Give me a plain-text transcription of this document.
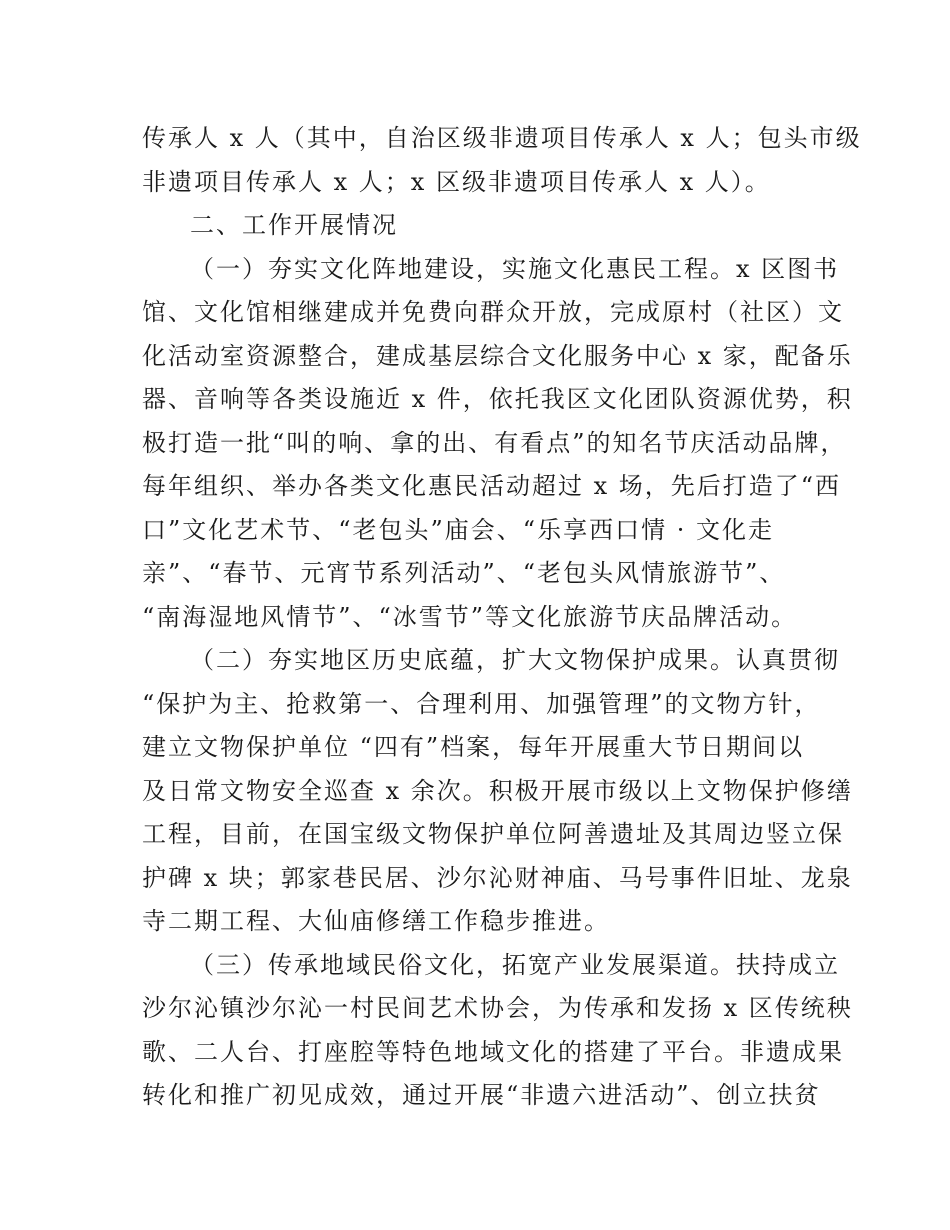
传承人 x 人（其中，自治区级非遗项目传承人 x 人；包头市级
非遗项目传承人 x 人；x 区级非遗项目传承人 x 人）。
二、工作开展情况
（一）夯实文化阵地建设，实施文化惠民工程。x 区图书
馆、文化馆相继建成并免费向群众开放，完成原村（社区）文
化活动室资源整合，建成基层综合文化服务中心 x 家，配备乐
器、音响等各类设施近 x 件，依托我区文化团队资源优势，积
极打造一批“叫的响、拿的出、有看点”的知名节庆活动品牌，
每年组织、举办各类文化惠民活动超过 x 场，先后打造了“西
口”文化艺术节、“老包头”庙会、“乐享西口情 · 文化走
亲”、“春节、元宵节系列活动”、“老包头风情旅游节”、
“南海湿地风情节”、“冰雪节”等文化旅游节庆品牌活动。
（二）夯实地区历史底蕴，扩大文物保护成果。认真贯彻
“保护为主、抢救第一、合理利用、加强管理”的文物方针，
建立文物保护单位 “四有”档案，每年开展重大节日期间以
及日常文物安全巡查 x 余次。积极开展市级以上文物保护修缮
工程，目前，在国宝级文物保护单位阿善遗址及其周边竖立保
护碑 x 块；郭家巷民居、沙尔沁财神庙、马号事件旧址、龙泉
寺二期工程、大仙庙修缮工作稳步推进。
（三）传承地域民俗文化，拓宽产业发展渠道。扶持成立
沙尔沁镇沙尔沁一村民间艺术协会，为传承和发扬 x 区传统秧
歌、二人台、打座腔等特色地域文化的搭建了平台。非遗成果
转化和推广初见成效，通过开展“非遗六进活动”、创立扶贫
